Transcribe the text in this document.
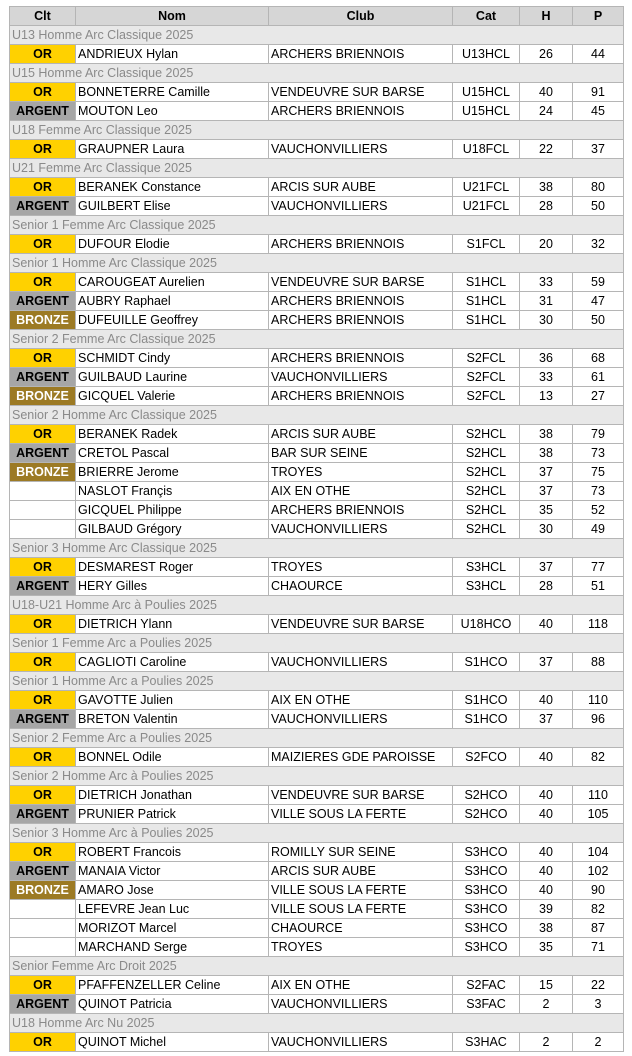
Clt	Nom	Club	Cat	H	P
U13 Homme Arc Classique 2025					
OR	ANDRIEUX Hylan	ARCHERS BRIENNOIS	U13HCL	26	44
U15 Homme Arc Classique 2025					
OR	BONNETERRE Camille	VENDEUVRE SUR BARSE	U15HCL	40	91
ARGENT	MOUTON Leo	ARCHERS BRIENNOIS	U15HCL	24	45
U18 Femme Arc Classique 2025					
OR	GRAUPNER Laura	VAUCHONVILLIERS	U18FCL	22	37
U21 Femme Arc Classique 2025					
OR	BERANEK Constance	ARCIS SUR AUBE	U21FCL	38	80
ARGENT	GUILBERT Elise	VAUCHONVILLIERS	U21FCL	28	50
Senior 1 Femme Arc Classique 2025					
OR	DUFOUR Elodie	ARCHERS BRIENNOIS	S1FCL	20	32
Senior 1 Homme Arc Classique 2025					
OR	CAROUGEAT Aurelien	VENDEUVRE SUR BARSE	S1HCL	33	59
ARGENT	AUBRY Raphael	ARCHERS BRIENNOIS	S1HCL	31	47
BRONZE	DUFEUILLE Geoffrey	ARCHERS BRIENNOIS	S1HCL	30	50
Senior 2 Femme Arc Classique 2025					
OR	SCHMIDT Cindy	ARCHERS BRIENNOIS	S2FCL	36	68
ARGENT	GUILBAUD Laurine	VAUCHONVILLIERS	S2FCL	33	61
BRONZE	GICQUEL Valerie	ARCHERS BRIENNOIS	S2FCL	13	27
Senior 2 Homme Arc Classique 2025					
OR	BERANEK Radek	ARCIS SUR AUBE	S2HCL	38	79
ARGENT	CRETOL Pascal	BAR SUR SEINE	S2HCL	38	73
BRONZE	BRIERRE Jerome	TROYES	S2HCL	37	75
	NASLOT Françis	AIX EN OTHE	S2HCL	37	73
	GICQUEL Philippe	ARCHERS BRIENNOIS	S2HCL	35	52
	GILBAUD Grégory	VAUCHONVILLIERS	S2HCL	30	49
Senior 3 Homme Arc Classique 2025					
OR	DESMAREST Roger	TROYES	S3HCL	37	77
ARGENT	HERY Gilles	CHAOURCE	S3HCL	28	51
U18-U21 Homme Arc à Poulies 2025					
OR	DIETRICH Ylann	VENDEUVRE SUR BARSE	U18HCO	40	118
Senior 1 Femme Arc a Poulies 2025					
OR	CAGLIOTI Caroline	VAUCHONVILLIERS	S1HCO	37	88
Senior 1 Homme Arc a Poulies 2025					
OR	GAVOTTE Julien	AIX EN OTHE	S1HCO	40	110
ARGENT	BRETON Valentin	VAUCHONVILLIERS	S1HCO	37	96
Senior 2 Femme Arc a Poulies 2025					
OR	BONNEL Odile	MAIZIERES GDE PAROISSE	S2FCO	40	82
Senior 2 Homme Arc à Poulies 2025					
OR	DIETRICH Jonathan	VENDEUVRE SUR BARSE	S2HCO	40	110
ARGENT	PRUNIER Patrick	VILLE SOUS LA FERTE	S2HCO	40	105
Senior 3 Homme Arc à Poulies 2025					
OR	ROBERT Francois	ROMILLY SUR SEINE	S3HCO	40	104
ARGENT	MANAIA Victor	ARCIS SUR AUBE	S3HCO	40	102
BRONZE	AMARO Jose	VILLE SOUS LA FERTE	S3HCO	40	90
	LEFEVRE Jean Luc	VILLE SOUS LA FERTE	S3HCO	39	82
	MORIZOT Marcel	CHAOURCE	S3HCO	38	87
	MARCHAND Serge	TROYES	S3HCO	35	71
Senior Femme Arc Droit 2025					
OR	PFAFFENZELLER Celine	AIX EN OTHE	S2FAC	15	22
ARGENT	QUINOT Patricia	VAUCHONVILLIERS	S3FAC	2	3
U18 Homme Arc Nu 2025					
OR	QUINOT Michel	VAUCHONVILLIERS	S3HAC	2	2
